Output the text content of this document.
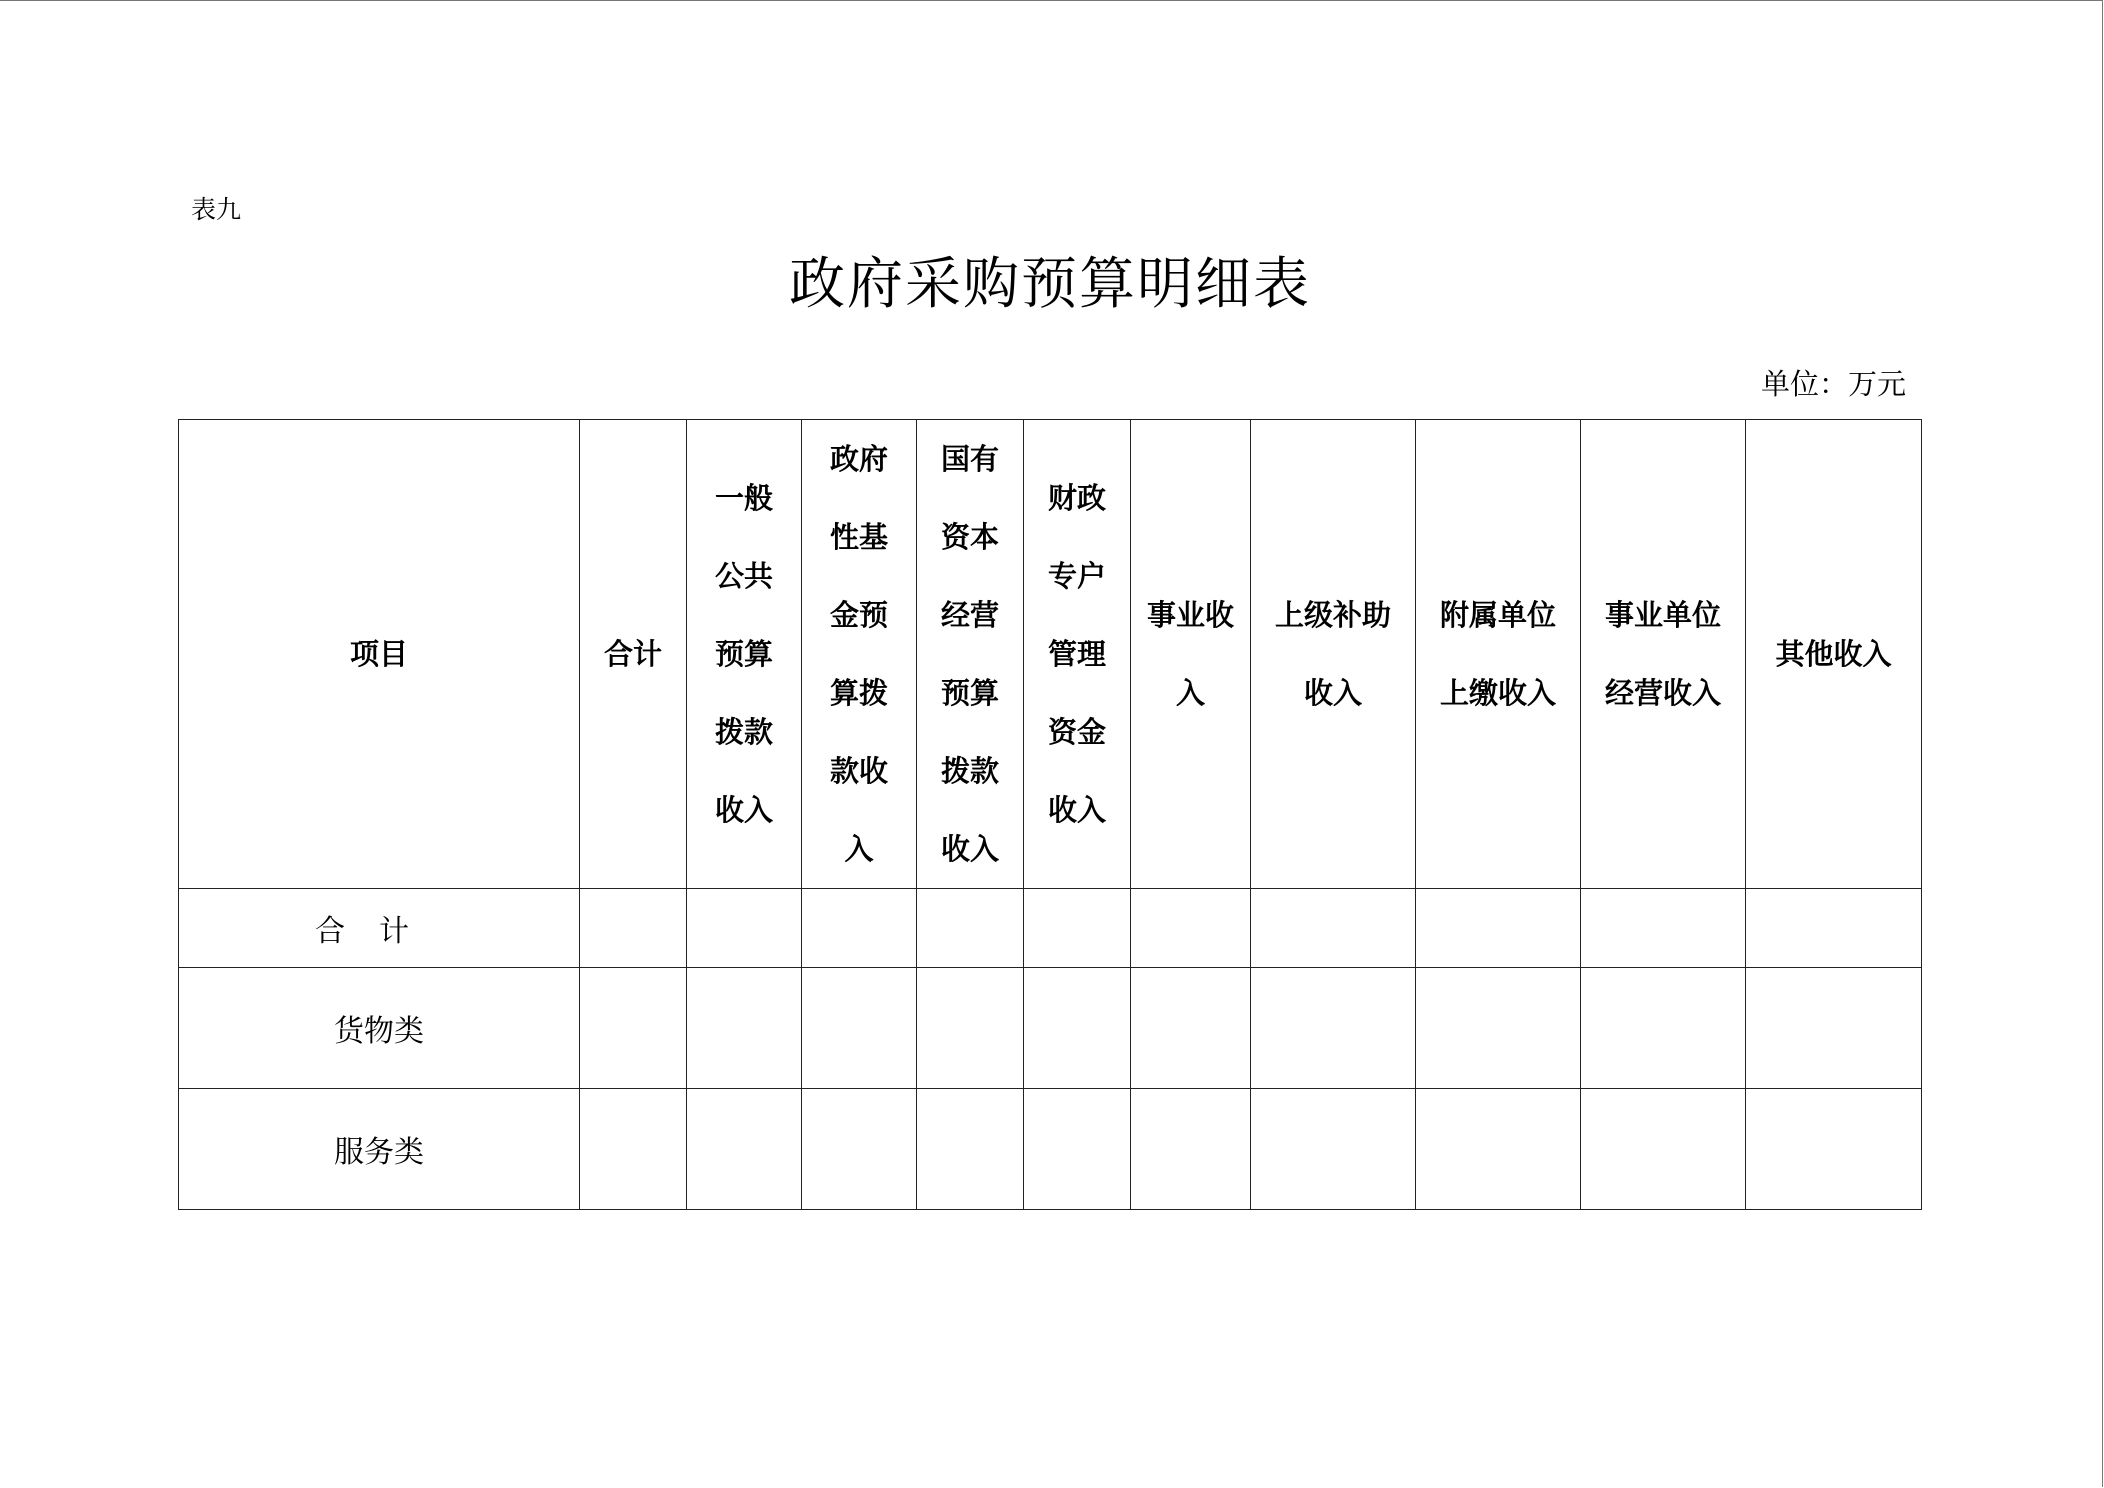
表九
政府采购预算明细表
单位：万元
项目	合计	一般公共预算拨款收入	政府性基金预算拨款收入	国有资本经营预算拨款收入	财政专户管理资金收入	事业收入	上级补助收入	附属单位上缴收入	事业单位经营收入	其他收入
合计										
货物类										
服务类										
